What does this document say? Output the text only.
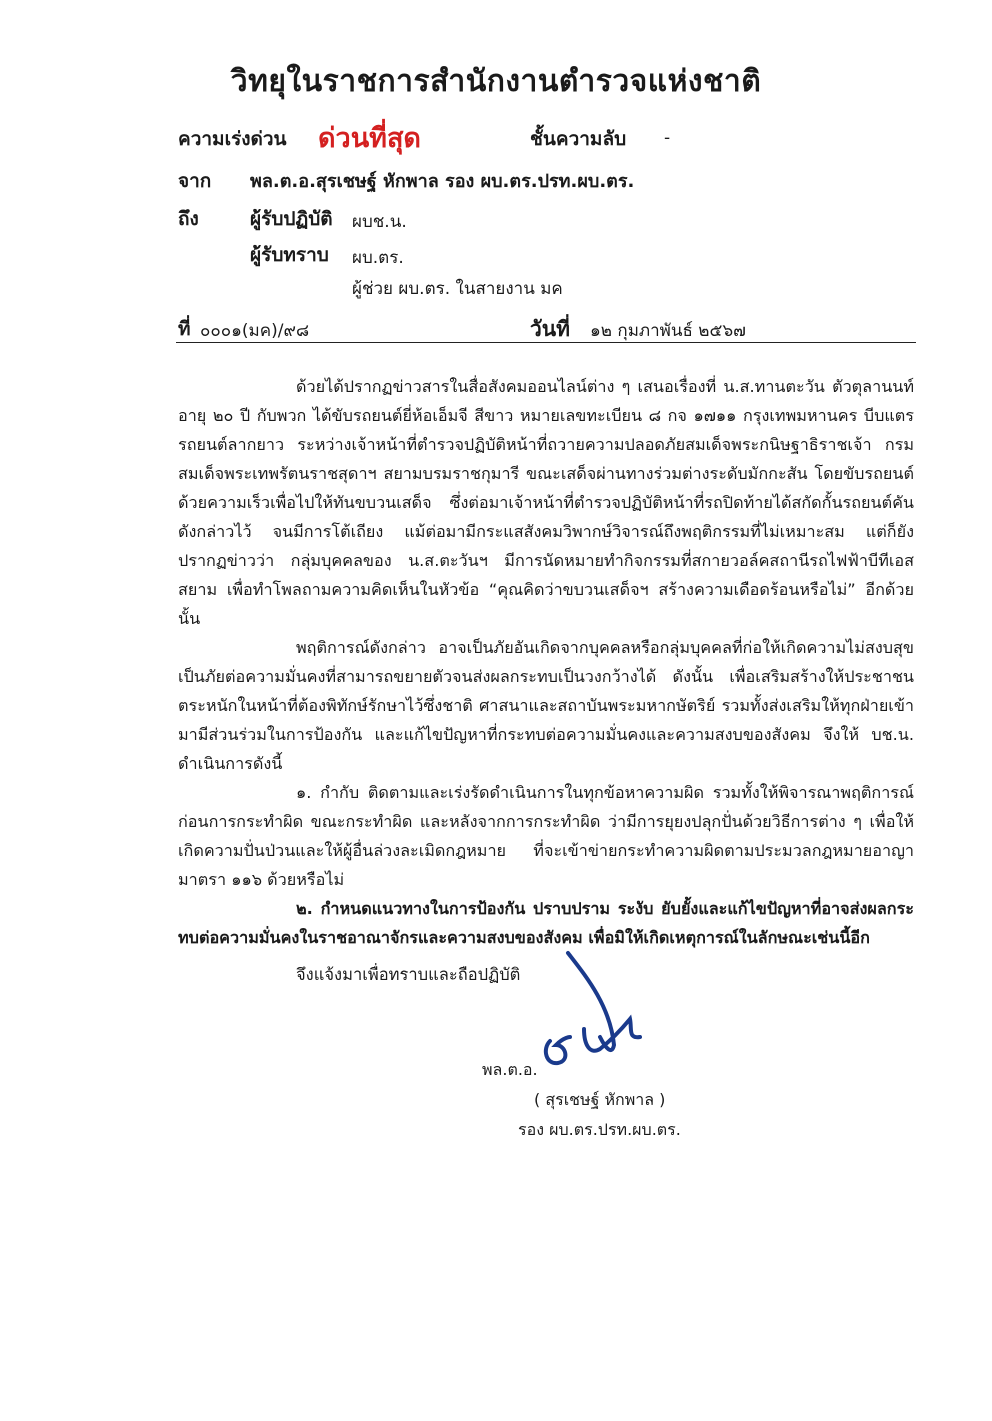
วิทยุในราชการสำนักงานตำรวจแห่งชาติ
ความเร่งด่วน ด่วนที่สุด	ชั้นความลับ -
จาก พล.ต.อ.สุรเชษฐ์ หักพาล รอง ผบ.ตร.ปรท.ผบ.ตร.
ถึง	ผู้รับปฏิบัติ ผบช.น.
ผู้รับทราบ ผบ.ตร.
ผู้ช่วย ผบ.ตร. ในสายงาน มค
ที่ ๐๐๐๑(มค)/๙๘	วันที่ ๑๒ กุมภาพันธ์ ๒๕๖๗
ด้วยได้ปรากฏข่าวสารในสื่อสังคมออนไลน์ต่าง ๆ เสนอเรื่องที่ น.ส.ทานตะวัน ตัวตุลานนท์ อายุ ๒๐ ปี กับพวก ได้ขับรถยนต์ยี่ห้อเอ็มจี สีขาว หมายเลขทะเบียน ๘ กจ ๑๗๑๑ กรุงเทพมหานคร บีบแตรรถยนต์ลากยาว ระหว่างเจ้าหน้าที่ตำรวจปฏิบัติหน้าที่ถวายความปลอดภัยสมเด็จพระกนิษฐาธิราชเจ้า กรมสมเด็จพระเทพรัตนราชสุดาฯ สยามบรมราชกุมารี ขณะเสด็จผ่านทางร่วมต่างระดับมักกะสัน โดยขับรถยนต์ด้วยความเร็วเพื่อไปให้ทันขบวนเสด็จ ซึ่งต่อมาเจ้าหน้าที่ตำรวจปฏิบัติหน้าที่รถปิดท้ายได้สกัดกั้นรถยนต์คันดังกล่าวไว้ จนมีการโต้เถียง แม้ต่อมามีกระแสสังคมวิพากษ์วิจารณ์ถึงพฤติกรรมที่ไม่เหมาะสม แต่ก็ยังปรากฏข่าวว่า กลุ่มบุคคลของ น.ส.ตะวันฯ มีการนัดหมายทำกิจกรรมที่สกายวอล์คสถานีรถไฟฟ้าบีทีเอสสยาม เพื่อทำโพลถามความคิดเห็นในหัวข้อ “คุณคิดว่าขบวนเสด็จฯ สร้างความเดือดร้อนหรือไม่” อีกด้วย นั้น
พฤติการณ์ดังกล่าว อาจเป็นภัยอันเกิดจากบุคคลหรือกลุ่มบุคคลที่ก่อให้เกิดความไม่สงบสุข เป็นภัยต่อความมั่นคงที่สามารถขยายตัวจนส่งผลกระทบเป็นวงกว้างได้ ดังนั้น เพื่อเสริมสร้างให้ประชาชนตระหนักในหน้าที่ต้องพิทักษ์รักษาไว้ซึ่งชาติ ศาสนาและสถาบันพระมหากษัตริย์ รวมทั้งส่งเสริมให้ทุกฝ่ายเข้ามามีส่วนร่วมในการป้องกัน และแก้ไขปัญหาที่กระทบต่อความมั่นคงและความสงบของสังคม จึงให้ บช.น. ดำเนินการดังนี้
๑. กำกับ ติดตามและเร่งรัดดำเนินการในทุกข้อหาความผิด รวมทั้งให้พิจารณาพฤติการณ์ก่อนการกระทำผิด ขณะกระทำผิด และหลังจากการกระทำผิด ว่ามีการยุยงปลุกปั่นด้วยวิธีการต่าง ๆ เพื่อให้เกิดความปั่นป่วนและให้ผู้อื่นล่วงละเมิดกฎหมาย ที่จะเข้าข่ายกระทำความผิดตามประมวลกฎหมายอาญา มาตรา ๑๑๖ ด้วยหรือไม่
๒. กำหนดแนวทางในการป้องกัน ปราบปราม ระงับ ยับยั้งและแก้ไขปัญหาที่อาจส่งผลกระทบต่อความมั่นคงในราชอาณาจักรและความสงบของสังคม เพื่อมิให้เกิดเหตุการณ์ในลักษณะเช่นนี้อีก
จึงแจ้งมาเพื่อทราบและถือปฏิบัติ
พล.ต.อ.
( สุรเชษฐ์ หักพาล )
รอง ผบ.ตร.ปรท.ผบ.ตร.
